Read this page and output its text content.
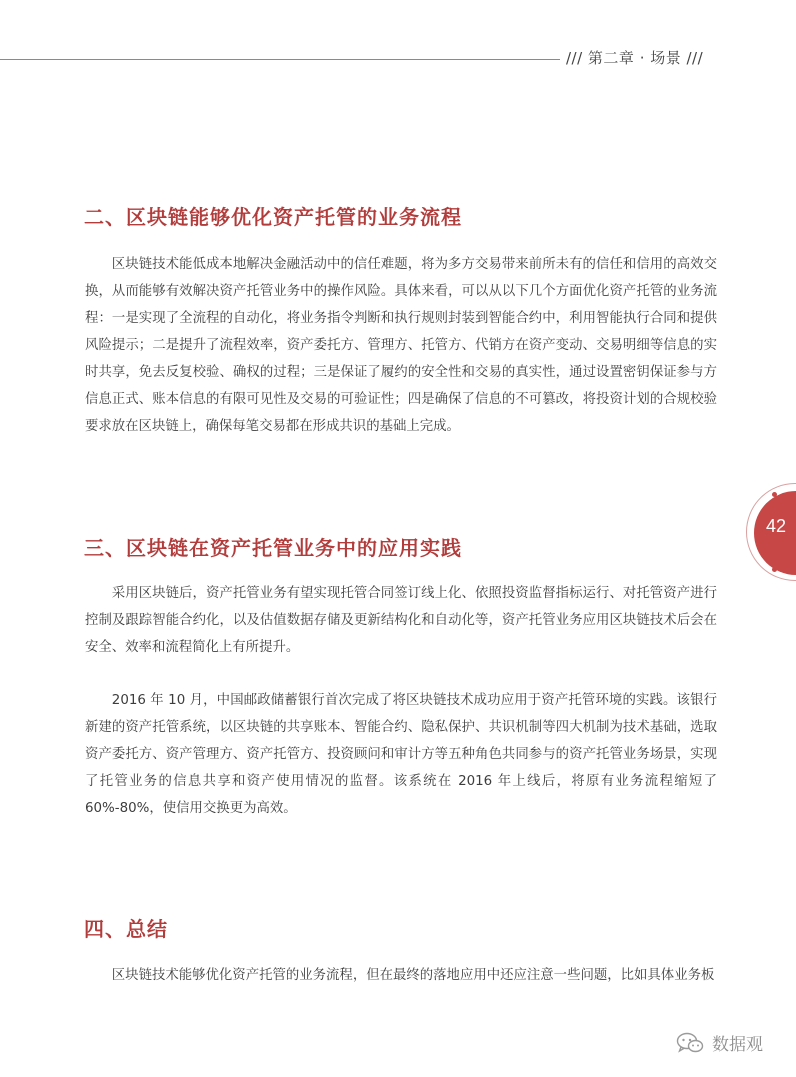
/// 第二章 · 场景 ///
二、区块链能够优化资产托管的业务流程

区块链技术能低成本地解决金融活动中的信任难题，将为多方交易带来前所未有的信任和信用的高效交换，从而能够有效解决资产托管业务中的操作风险。具体来看，可以从以下几个方面优化资产托管的业务流程：一是实现了全流程的自动化，将业务指令判断和执行规则封装到智能合约中，利用智能执行合同和提供风险提示；二是提升了流程效率，资产委托方、管理方、托管方、代销方在资产变动、交易明细等信息的实时共享，免去反复校验、确权的过程；三是保证了履约的安全性和交易的真实性，通过设置密钥保证参与方信息正式、账本信息的有限可见性及交易的可验证性；四是确保了信息的不可篡改，将投资计划的合规校验要求放在区块链上，确保每笔交易都在形成共识的基础上完成。

三、区块链在资产托管业务中的应用实践

采用区块链后，资产托管业务有望实现托管合同签订线上化、依照投资监督指标运行、对托管资产进行控制及跟踪智能合约化，以及估值数据存储及更新结构化和自动化等，资产托管业务应用区块链技术后会在安全、效率和流程简化上有所提升。

2016 年 10 月，中国邮政储蓄银行首次完成了将区块链技术成功应用于资产托管环境的实践。该银行新建的资产托管系统，以区块链的共享账本、智能合约、隐私保护、共识机制等四大机制为技术基础，选取资产委托方、资产管理方、资产托管方、投资顾问和审计方等五种角色共同参与的资产托管业务场景，实现了托管业务的信息共享和资产使用情况的监督。该系统在 2016 年上线后，将原有业务流程缩短了 60%-80%，使信用交换更为高效。

四、总结

区块链技术能够优化资产托管的业务流程，但在最终的落地应用中还应注意一些问题，比如具体业务板

42
数据观
